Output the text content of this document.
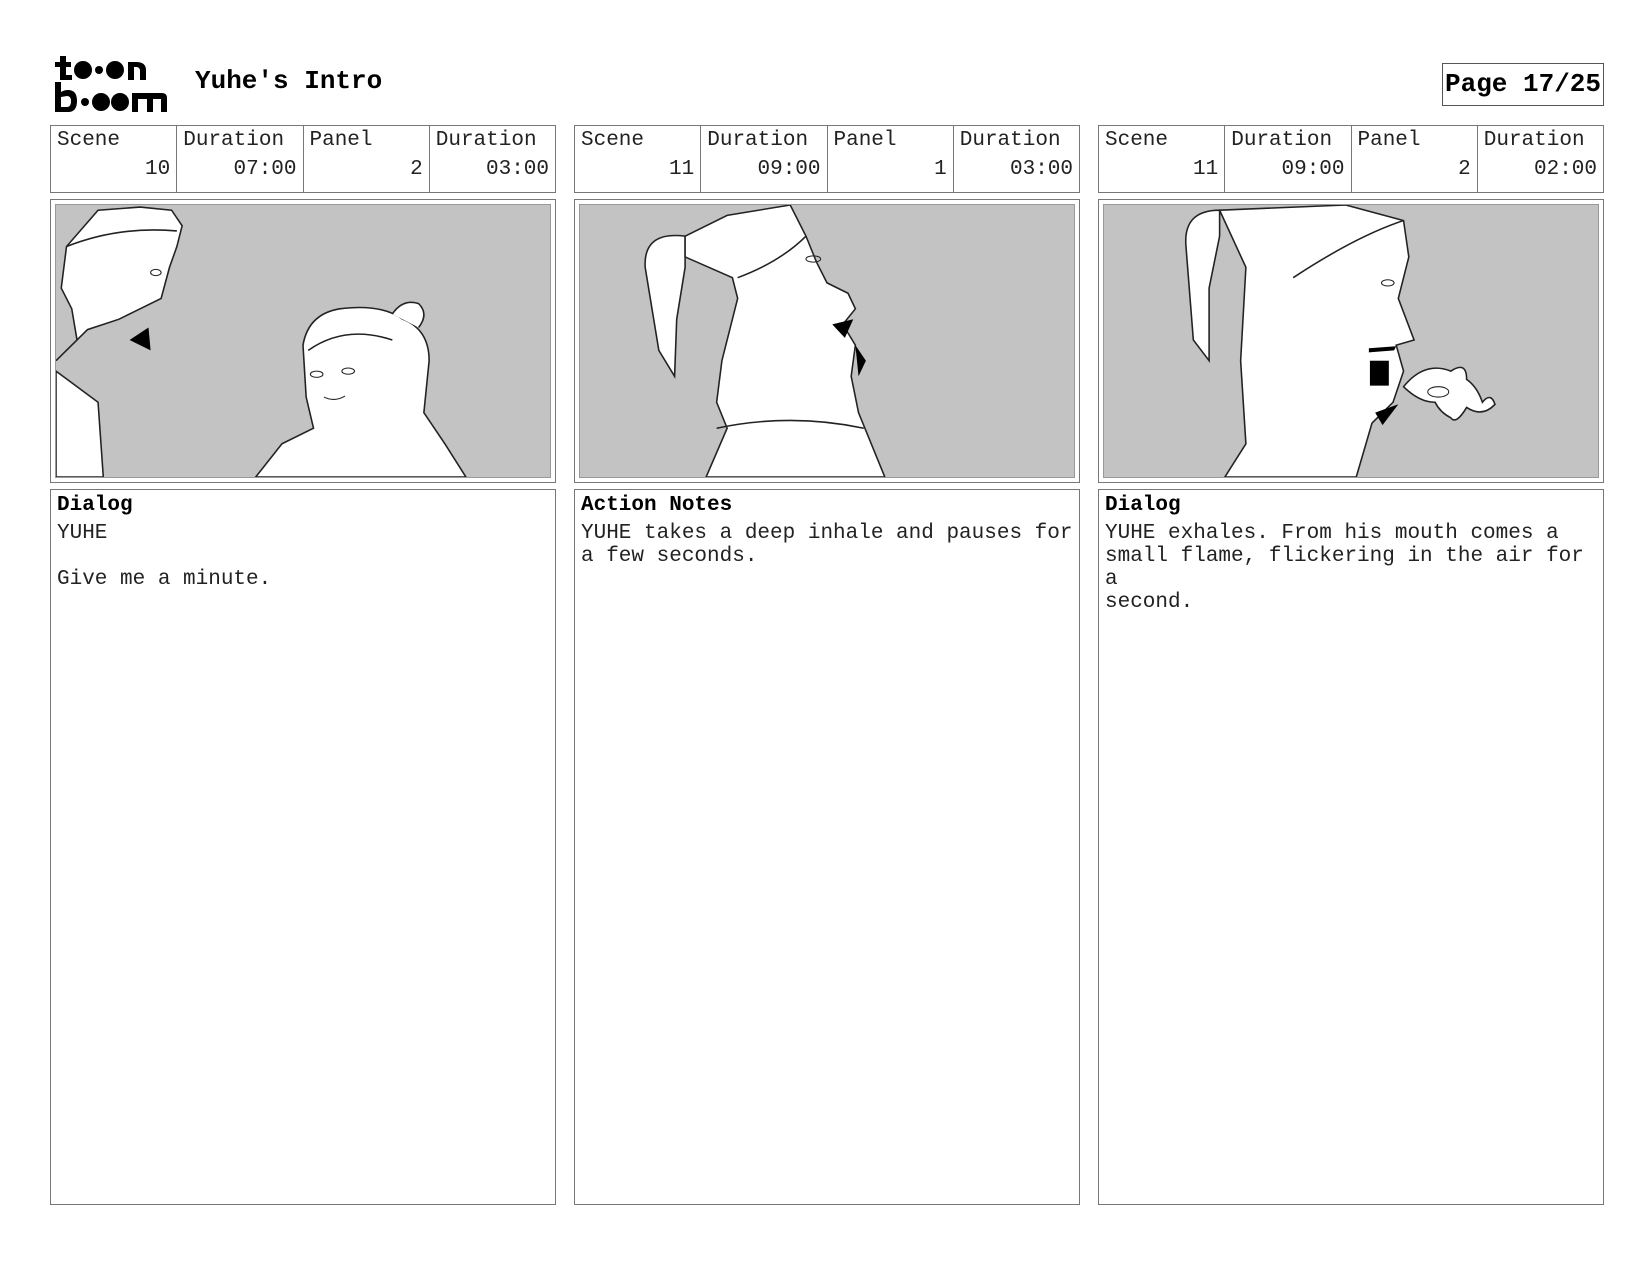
Yuhe's Intro	Page 17/25
Scene
10
Duration
07:00
Panel
2
Duration
03:00
Dialog
YUHE

Give me a minute.
Scene
11
Duration
09:00
Panel
1
Duration
03:00
Action Notes
YUHE takes a deep inhale and pauses for
a few seconds.
Scene
11
Duration
09:00
Panel
2
Duration
02:00
Dialog
YUHE exhales. From his mouth comes a
small flame, flickering in the air for a
second.
